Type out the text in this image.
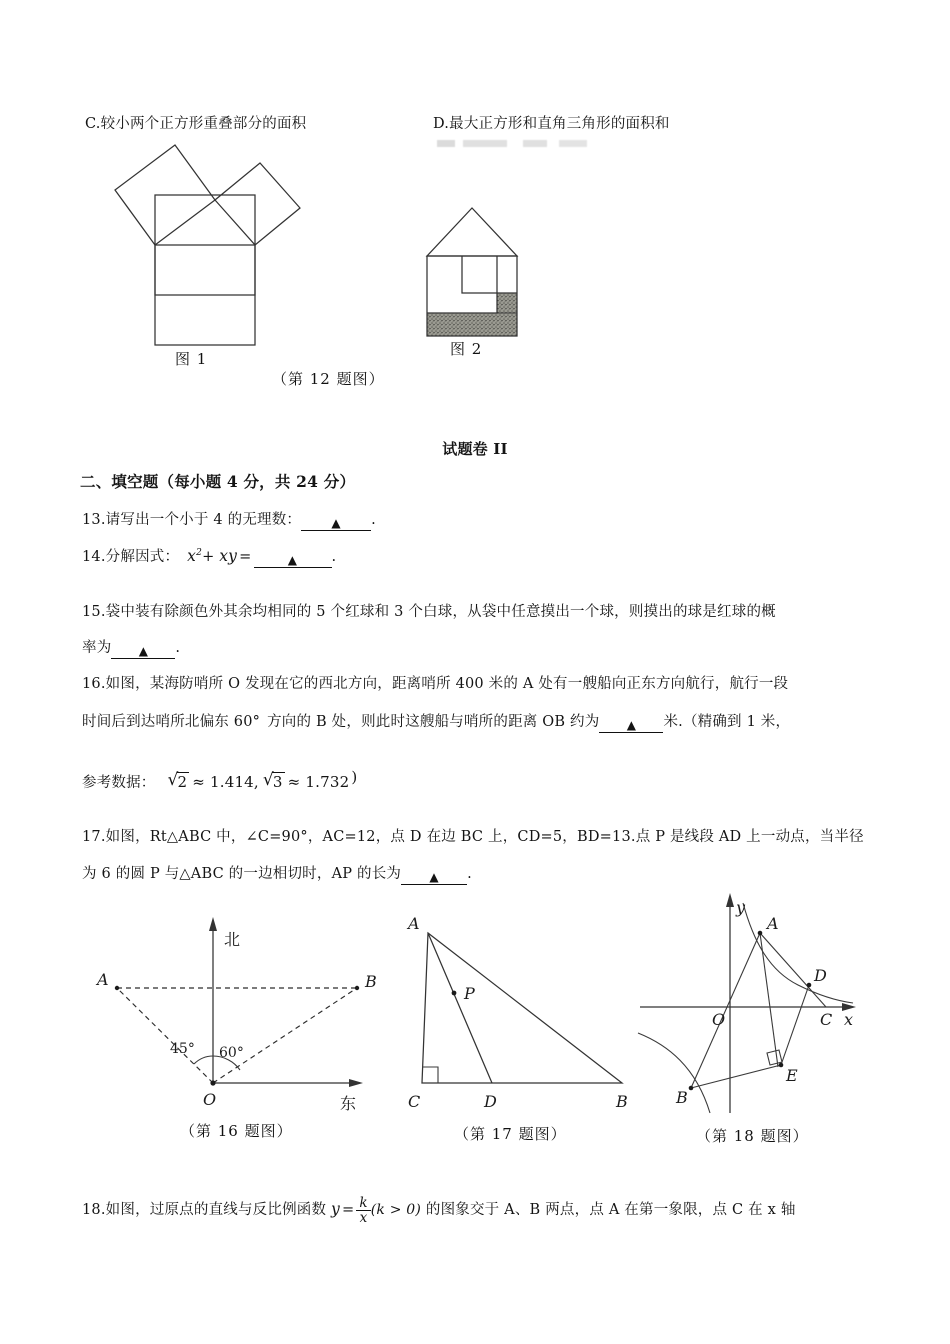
C.较小两个正方形重叠部分的面积	D.最大正方形和直角三角形的面积和
图 1
图 2
（第 12 题图）
试题卷 II
二、填空题（每小题 4 分，共 24 分）
13.请写出一个小于 4 的无理数：	▲ .
14.分解因式： $x^2+$ xy =	▲ .
15.袋中装有除颜色外其余均相同的 5 个红球和 3 个白球，从袋中任意摸出一个球，则摸出的球是红球的概
率为 ▲ .
16.如图，某海防哨所 O 发现在它的西北方向，距离哨所 400 米的 A 处有一艘船向正东方向航行，航行一段
时间后到达哨所北偏东 60° 方向的 B 处，则此时这艘船与哨所的距离 OB 约为 ▲ 米.（精确到 1 米，
参考数据： √ 2 ≈ 1.414, √ 3 ≈ 1.732 )
17.如图，Rt△ABC 中，∠C=90°，AC=12，点 D 在边 BC 上，CD=5，BD=13.点 P 是线段 AD 上一动点，当半径
为 6 的圆 P 与△ABC 的一边相切时，AP 的长为 ▲ .
A	B
O
北
东
45° 60°
（第 16 题图）
A
P
C	D	B
（第 17 题图）
A
B
C
D
E
O	x
y
（第 18 题图）
18.如图，过原点的直线与反比例函数 $y = \frac{k}{x} (k > 0)$ 的图象交于 A、B 两点，点 A 在第一象限，点 C 在 x 轴
